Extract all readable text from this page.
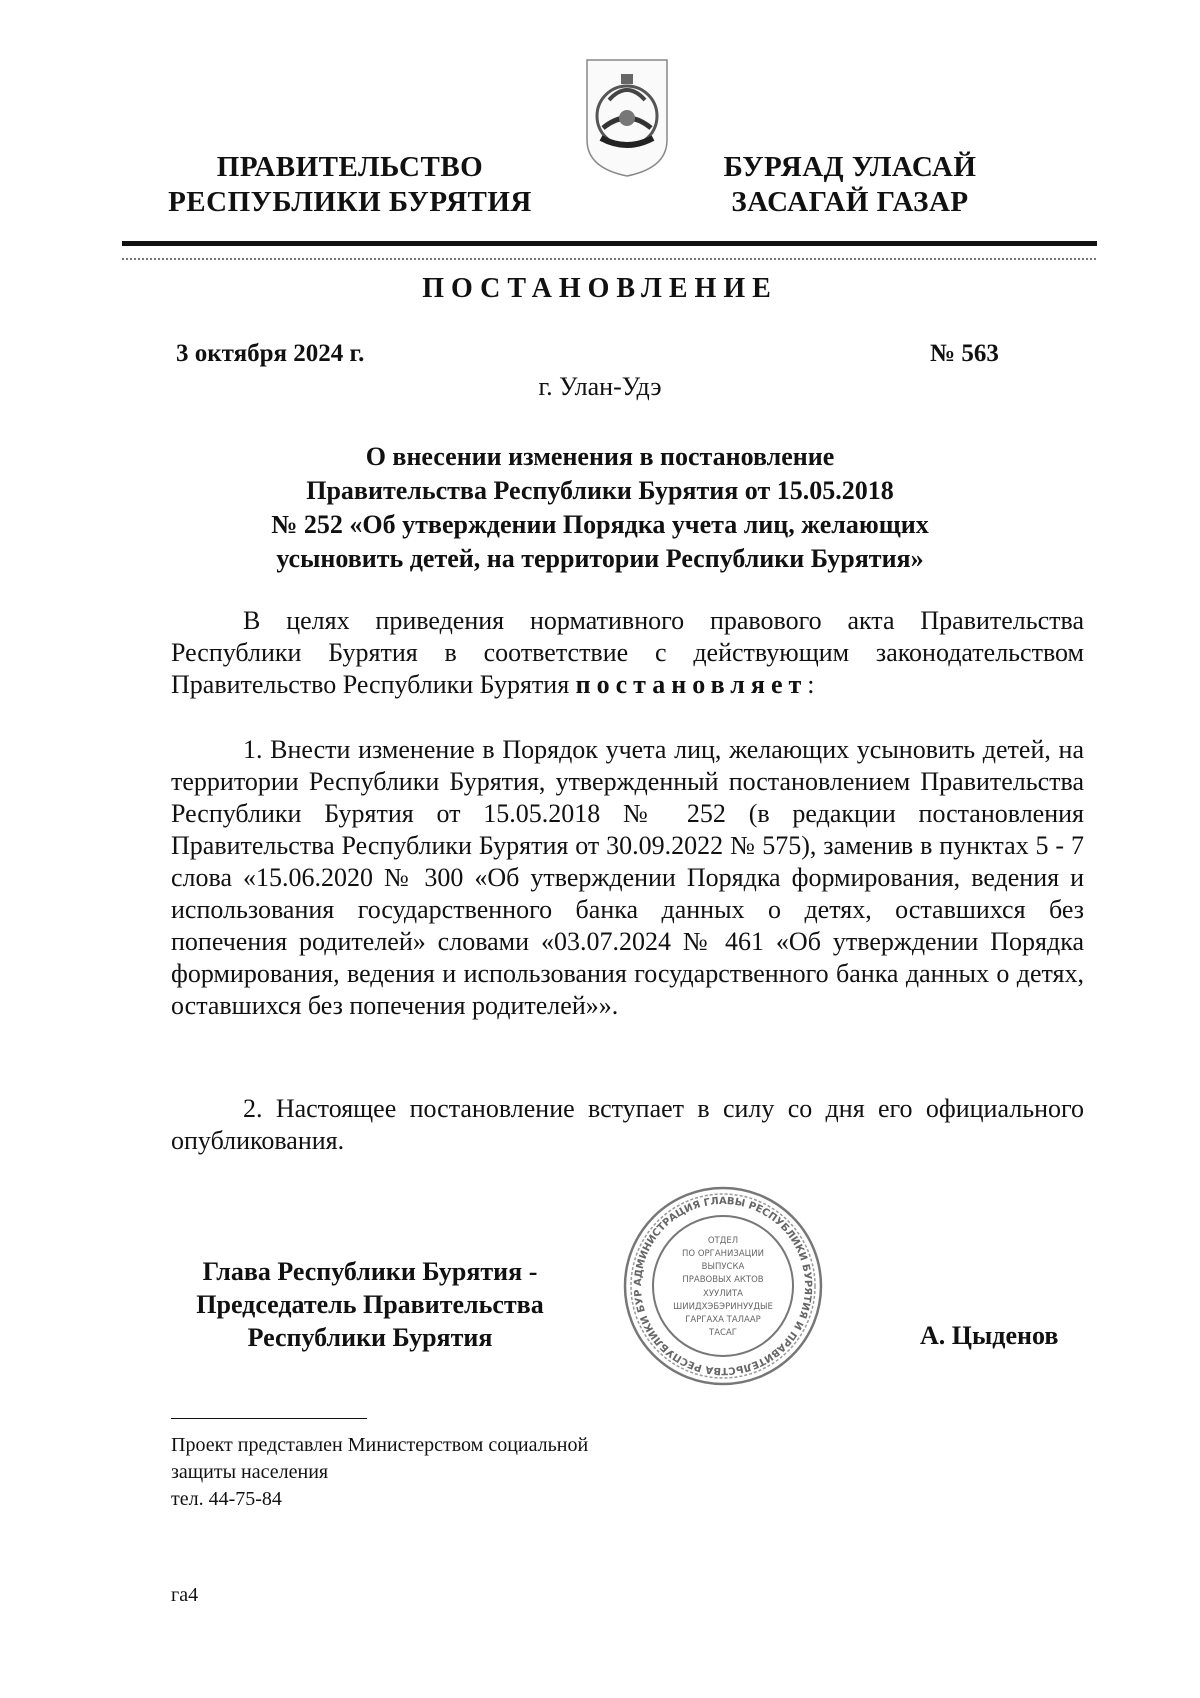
ПРАВИТЕЛЬСТВО
РЕСПУБЛИКИ БУРЯТИЯ
БУРЯАД УЛАСАЙ
ЗАСАГАЙ ГАЗАР
ПОСТАНОВЛЕНИЕ
3 октября 2024 г.	№ 563
г. Улан-Удэ
О внесении изменения в постановление
Правительства Республики Бурятия от 15.05.2018
№ 252 «Об утверждении Порядка учета лиц, желающих
усыновить детей, на территории Республики Бурятия»

В целях приведения нормативного правового акта Правительства Республики Бурятия в соответствие с действующим законодательством Правительство Республики Бурятия постановляет:

1. Внести изменение в Порядок учета лиц, желающих усыновить детей, на территории Республики Бурятия, утвержденный постановлением Правительства Республики Бурятия от 15.05.2018 № 252 (в редакции постановления Правительства Республики Бурятия от 30.09.2022 № 575), заменив в пунктах 5 - 7 слова «15.06.2020 № 300 «Об утверждении Порядка формирования, ведения и использования государственного банка данных о детях, оставшихся без попечения родителей» словами «03.07.2024 № 461 «Об утверждении Порядка формирования, ведения и использования государственного банка данных о детях, оставшихся без попечения родителей»».

2. Настоящее постановление вступает в силу со дня его официального опубликования.

Глава Республики Бурятия -
Председатель Правительства
Республики Бурятия
АДМИНИСТРАЦИЯ ГЛАВЫ РЕСПУБЛИКИ БУРЯТИЯ И ПРАВИТЕЛЬСТВА РЕСПУБЛИКИ БУР
ОТДЕЛ
ПО ОРГАНИЗАЦИИ
ВЫПУСКА
ПРАВОВЫХ АКТОВ
ХУУЛИТА
ШИИДХЭБЭРИНУУДЫЕ
ГАРГАХА ТАЛААР
ТАСАГ	А. Цыденов
Проект представлен Министерством социальной
защиты населения
тел. 44-75-84
га4
